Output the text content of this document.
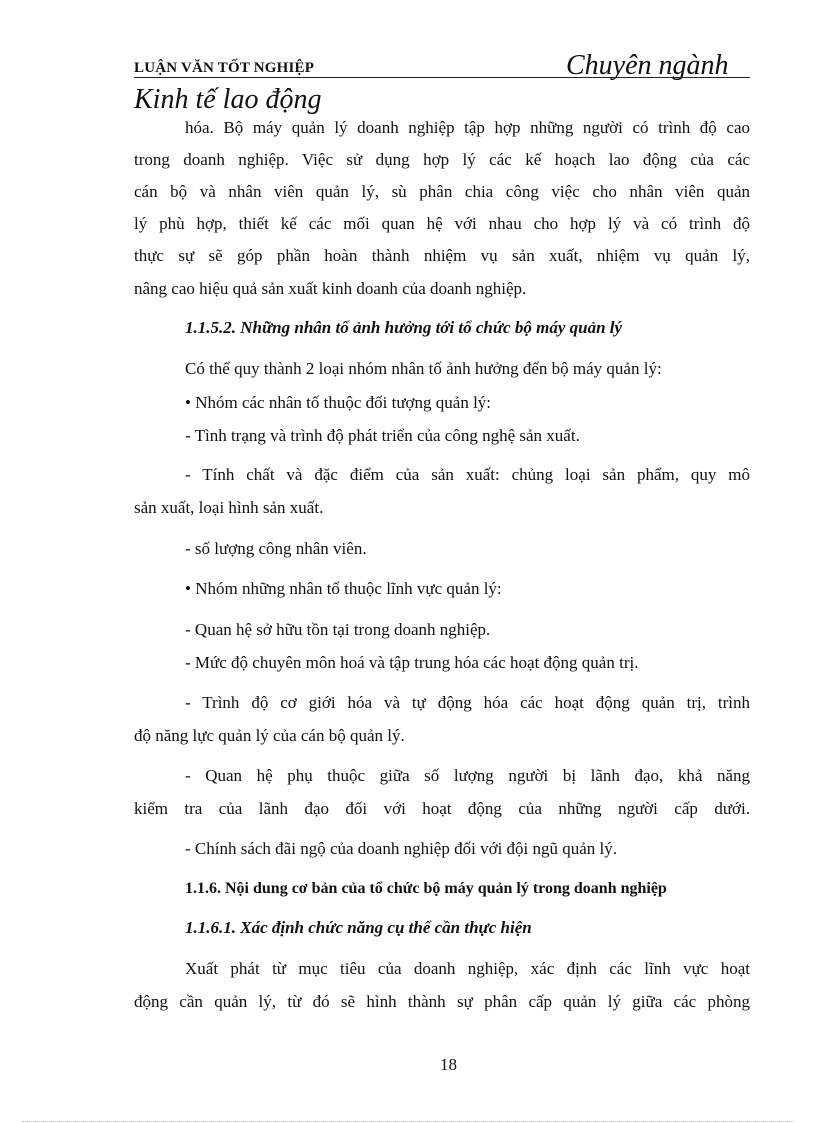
LUẬN VĂN TỐT NGHIỆP	Chuyên ngành
Kinh tế lao động
hóa. Bộ máy quản lý doanh nghiệp tập hợp những người có trình độ cao
trong doanh nghiệp. Việc sử dụng hợp lý các kế hoạch lao động của các
cán bộ và nhân viên quản lý, sù phân chia công việc cho nhân viên quản
lý phù hợp, thiết kế các mối quan hệ với nhau cho hợp lý và có trình độ
thực sự sẽ góp phần hoàn thành nhiệm vụ sản xuất, nhiệm vụ quản lý,
nâng cao hiệu quả sản xuất kinh doanh của doanh nghiệp.
1.1.5.2. Những nhân tố ảnh hưởng tới tổ chức bộ máy quản lý
Có thể quy thành 2 loại nhóm nhân tố ảnh hưởng đến bộ máy quản lý:
• Nhóm các nhân tố thuộc đối tượng quản lý:
- Tình trạng và trình độ phát triển của công nghệ sản xuất.
- Tính chất và đặc điểm của sản xuất: chủng loại sản phẩm, quy mô
sản xuất, loại hình sản xuất.
- số lượng công nhân viên.
• Nhóm những nhân tố thuộc lĩnh vực quản lý:
- Quan hệ sở hữu tồn tại trong doanh nghiệp.
- Mức độ chuyên môn hoá và tập trung hóa các hoạt động quản trị.
- Trình độ cơ giới hóa và tự động hóa các hoạt động quản trị, trình
độ năng lực quản lý của cán bộ quản lý.
- Quan hệ phụ thuộc giữa số lượng người bị lãnh đạo, khả năng
kiểm tra của lãnh đạo đối với hoạt động của những người cấp dưới.
- Chính sách đãi ngộ của doanh nghiệp đối với đội ngũ quản lý.
1.1.6. Nội dung cơ bản của tổ chức bộ máy quản lý trong doanh nghiệp
1.1.6.1. Xác định chức năng cụ thể cần thực hiện
Xuất phát từ mục tiêu của doanh nghiệp, xác định các lĩnh vực hoạt
động cần quản lý, từ đó sẽ hình thành sự phân cấp quản lý giữa các phòng
18
